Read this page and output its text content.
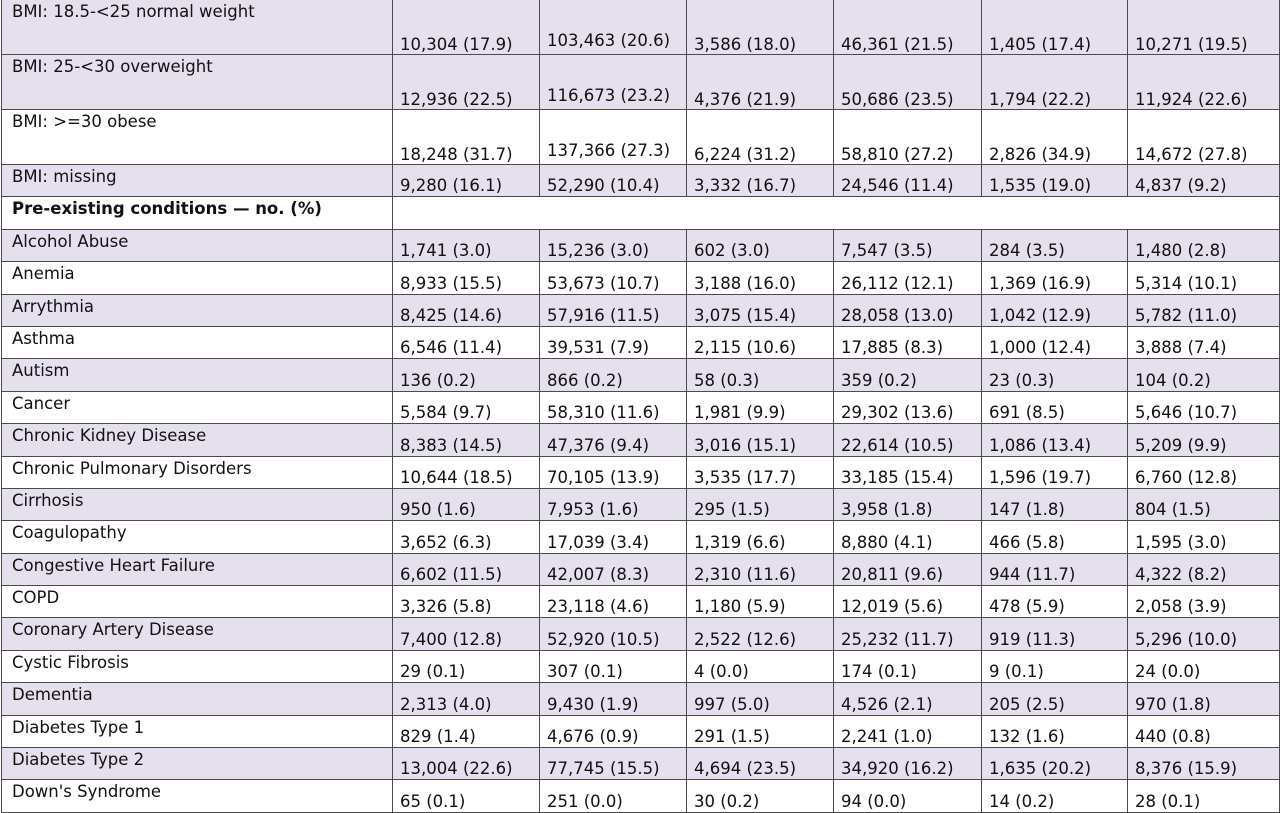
BMI: 18.5-<25 normal weight	10,304 (17.9)	103,463 (20.6)	3,586 (18.0)	46,361 (21.5)	1,405 (17.4)	10,271 (19.5)
BMI: 25-<30 overweight	12,936 (22.5)	116,673 (23.2)	4,376 (21.9)	50,686 (23.5)	1,794 (22.2)	11,924 (22.6)
BMI: >=30 obese	18,248 (31.7)	137,366 (27.3)	6,224 (31.2)	58,810 (27.2)	2,826 (34.9)	14,672 (27.8)
BMI: missing	9,280 (16.1)	52,290 (10.4)	3,332 (16.7)	24,546 (11.4)	1,535 (19.0)	4,837 (9.2)
Pre-existing conditions — no. (%)						
Alcohol Abuse	1,741 (3.0)	15,236 (3.0)	602 (3.0)	7,547 (3.5)	284 (3.5)	1,480 (2.8)
Anemia	8,933 (15.5)	53,673 (10.7)	3,188 (16.0)	26,112 (12.1)	1,369 (16.9)	5,314 (10.1)
Arrythmia	8,425 (14.6)	57,916 (11.5)	3,075 (15.4)	28,058 (13.0)	1,042 (12.9)	5,782 (11.0)
Asthma	6,546 (11.4)	39,531 (7.9)	2,115 (10.6)	17,885 (8.3)	1,000 (12.4)	3,888 (7.4)
Autism	136 (0.2)	866 (0.2)	58 (0.3)	359 (0.2)	23 (0.3)	104 (0.2)
Cancer	5,584 (9.7)	58,310 (11.6)	1,981 (9.9)	29,302 (13.6)	691 (8.5)	5,646 (10.7)
Chronic Kidney Disease	8,383 (14.5)	47,376 (9.4)	3,016 (15.1)	22,614 (10.5)	1,086 (13.4)	5,209 (9.9)
Chronic Pulmonary Disorders	10,644 (18.5)	70,105 (13.9)	3,535 (17.7)	33,185 (15.4)	1,596 (19.7)	6,760 (12.8)
Cirrhosis	950 (1.6)	7,953 (1.6)	295 (1.5)	3,958 (1.8)	147 (1.8)	804 (1.5)
Coagulopathy	3,652 (6.3)	17,039 (3.4)	1,319 (6.6)	8,880 (4.1)	466 (5.8)	1,595 (3.0)
Congestive Heart Failure	6,602 (11.5)	42,007 (8.3)	2,310 (11.6)	20,811 (9.6)	944 (11.7)	4,322 (8.2)
COPD	3,326 (5.8)	23,118 (4.6)	1,180 (5.9)	12,019 (5.6)	478 (5.9)	2,058 (3.9)
Coronary Artery Disease	7,400 (12.8)	52,920 (10.5)	2,522 (12.6)	25,232 (11.7)	919 (11.3)	5,296 (10.0)
Cystic Fibrosis	29 (0.1)	307 (0.1)	4 (0.0)	174 (0.1)	9 (0.1)	24 (0.0)
Dementia	2,313 (4.0)	9,430 (1.9)	997 (5.0)	4,526 (2.1)	205 (2.5)	970 (1.8)
Diabetes Type 1	829 (1.4)	4,676 (0.9)	291 (1.5)	2,241 (1.0)	132 (1.6)	440 (0.8)
Diabetes Type 2	13,004 (22.6)	77,745 (15.5)	4,694 (23.5)	34,920 (16.2)	1,635 (20.2)	8,376 (15.9)
Down's Syndrome	65 (0.1)	251 (0.0)	30 (0.2)	94 (0.0)	14 (0.2)	28 (0.1)
